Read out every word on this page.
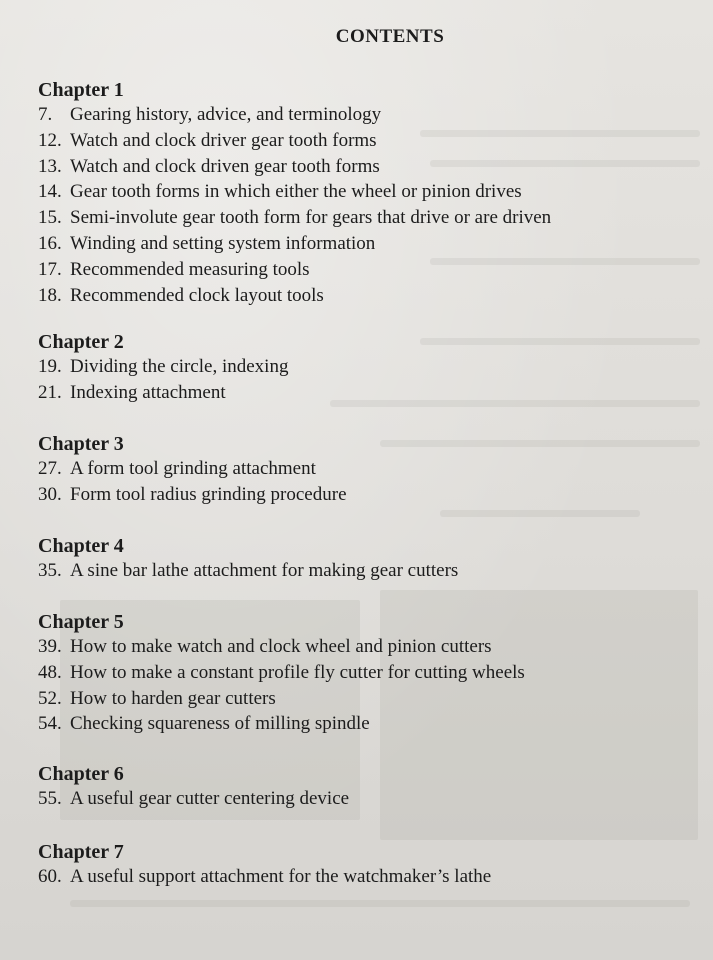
CONTENTS
Chapter 1
7. Gearing history, advice, and terminology
12. Watch and clock driver gear tooth forms
13. Watch and clock driven gear tooth forms
14. Gear tooth forms in which either the wheel or pinion drives
15. Semi-involute gear tooth form for gears that drive or are driven
16. Winding and setting system information
17. Recommended measuring tools
18. Recommended clock layout tools
Chapter 2
19. Dividing the circle, indexing
21. Indexing attachment
Chapter 3
27. A form tool grinding attachment
30. Form tool radius grinding procedure
Chapter 4
35. A sine bar lathe attachment for making gear cutters
Chapter 5
39. How to make watch and clock wheel and pinion cutters
48. How to make a constant profile fly cutter for cutting wheels
52. How to harden gear cutters
54. Checking squareness of milling spindle
Chapter 6
55. A useful gear cutter centering device
Chapter 7
60. A useful support attachment for the watchmaker’s lathe
